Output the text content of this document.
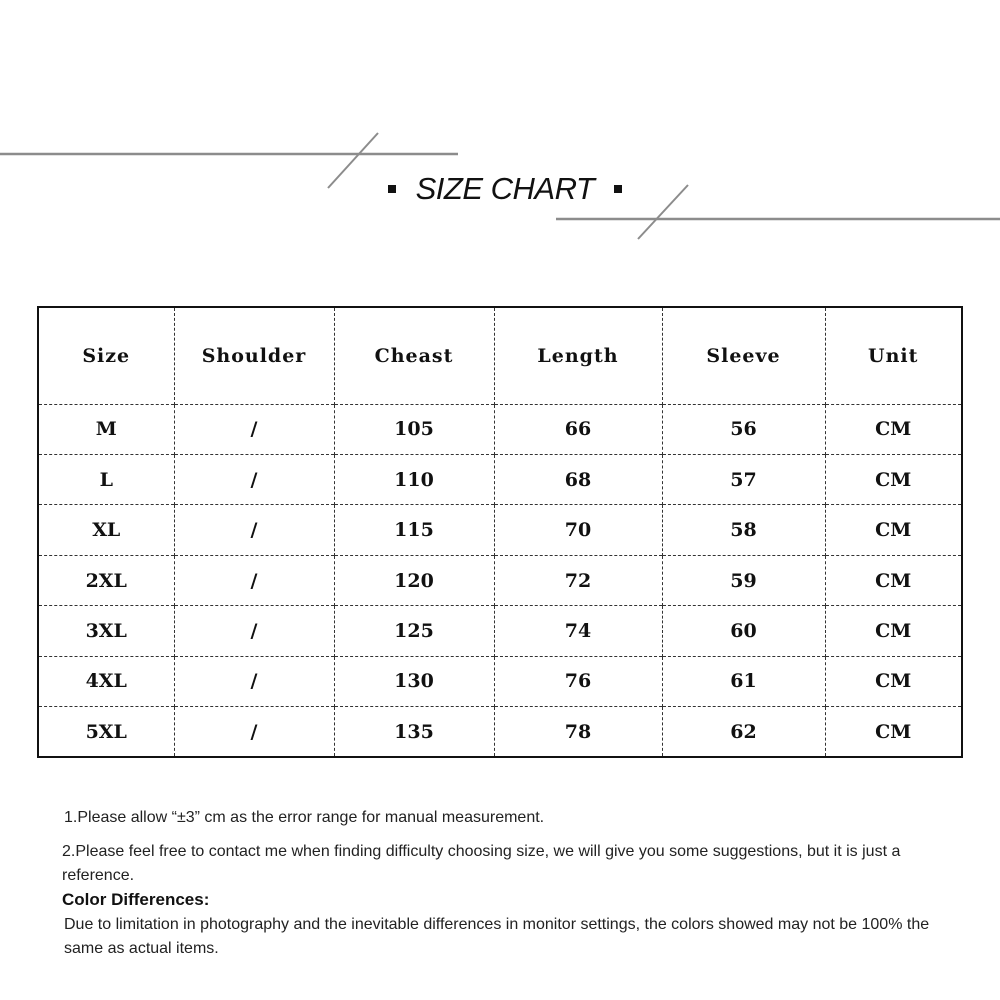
SIZE CHART
Size	Shoulder	Cheast	Length	Sleeve	Unit
M	/	105	66	56	CM
L	/	110	68	57	CM
XL	/	115	70	58	CM
2XL	/	120	72	59	CM
3XL	/	125	74	60	CM
4XL	/	130	76	61	CM
5XL	/	135	78	62	CM

1.Please allow “±3” cm as the error range for manual measurement.

2.Please feel free to contact me when finding difficulty choosing size, we will give you some suggestions, but it is just a reference.

Color Differences:

Due to limitation in photography and the inevitable differences in monitor settings, the colors showed may not be 100% the same as actual items.
